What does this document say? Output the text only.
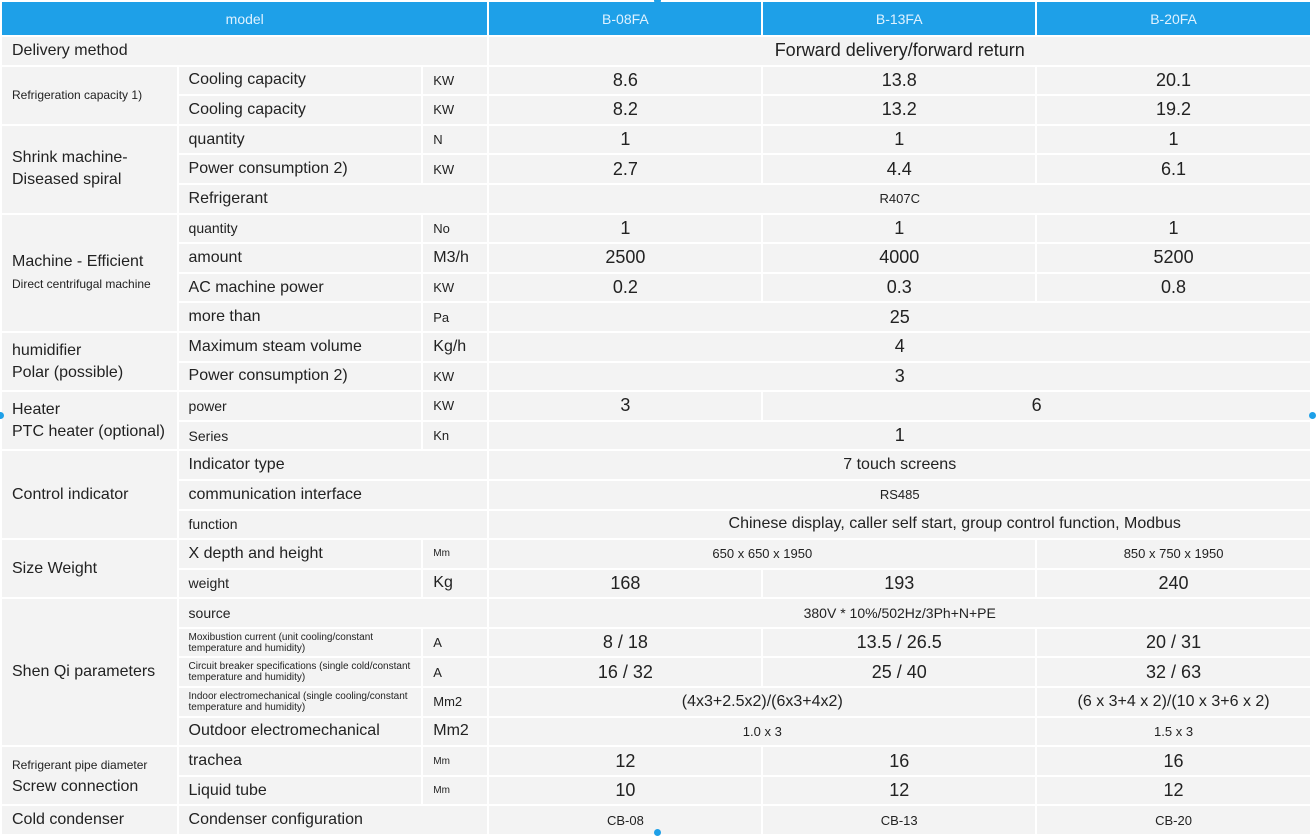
model			B-08FA	B-13FA	B-20FA
Delivery method			Forward delivery/forward return		
Refrigeration capacity 1)	Cooling capacity	KW	8.6	13.8	20.1
	Cooling capacity	KW	8.2	13.2	19.2
Shrink machine-
Diseased spiral	quantity	N	1	1	1
	Power consumption 2)	KW	2.7	4.4	6.1
	Refrigerant		R407C		
Machine - Efficient
Direct centrifugal machine	quantity	No	1	1	1
	amount	M3/h	2500	4000	5200
	AC machine power	KW	0.2	0.3	0.8
	more than	Pa	25		
humidifier
Polar (possible)	Maximum steam volume	Kg/h	4		
	Power consumption 2)	KW	3		
Heater
PTC heater (optional)	power	KW	3	6	
	Series	Kn	1		
Control indicator	Indicator type		7 touch screens		
	communication interface		RS485		
	function		Chinese display, caller self start, group control function, Modbus		
Size Weight	X depth and height	Mm	650 x 650 x 1950		850 x 750 x 1950
	weight	Kg	168	193	240
Shen Qi parameters	source		380V * 10%/502Hz/3Ph+N+PE		
	Moxibustion current (unit cooling/constant temperature and humidity)	A	8 / 18	13.5 / 26.5	20 / 31
	Circuit breaker specifications (single cold/constant temperature and humidity)	A	16 / 32	25 / 40	32 / 63
	Indoor electromechanical (single cooling/constant temperature and humidity)	Mm2	(4x3+2.5x2)/(6x3+4x2)		(6 x 3+4 x 2)/(10 x 3+6 x 2)
	Outdoor electromechanical	Mm2	1.0 x 3		1.5 x 3
Refrigerant pipe diameter
Screw connection	trachea	Mm	12	16	16
	Liquid tube	Mm	10	12	12
Cold condenser	Condenser configuration		CB-08	CB-13	CB-20
